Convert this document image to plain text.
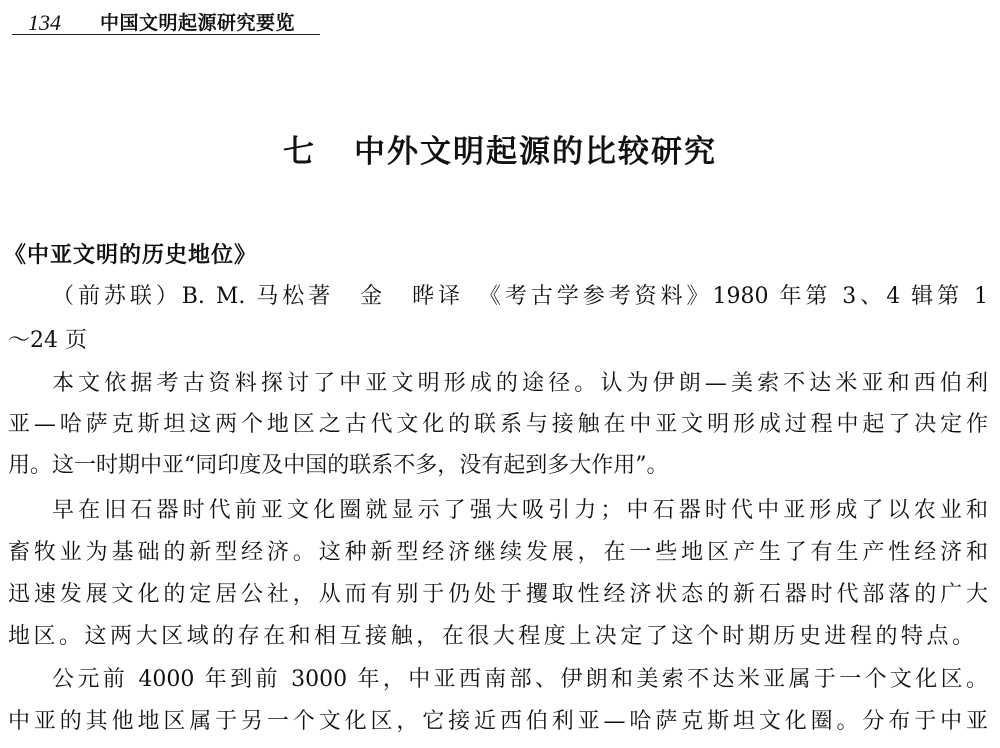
134 中国文明起源研究要览
七 中外文明起源的比较研究
《中亚文明的历史地位》
（前苏联）B. M. 马松著　金　晔译　《考古学参考资料》1980 年第 3、4 辑第 1
～24 页
本文依据考古资料探讨了中亚文明形成的途径。认为伊朗—美索不达米亚和西伯利
亚—哈萨克斯坦这两个地区之古代文化的联系与接触在中亚文明形成过程中起了决定作
用。这一时期中亚“同印度及中国的联系不多，没有起到多大作用”。
早在旧石器时代前亚文化圈就显示了强大吸引力；中石器时代中亚形成了以农业和
畜牧业为基础的新型经济。这种新型经济继续发展，在一些地区产生了有生产性经济和
迅速发展文化的定居公社，从而有别于仍处于攫取性经济状态的新石器时代部落的广大
地区。这两大区域的存在和相互接触，在很大程度上决定了这个时期历史进程的特点。
公元前 4000 年到前 3000 年，中亚西南部、伊朗和美索不达米亚属于一个文化区。
中亚的其他地区属于另一个文化区，它接近西伯利亚—哈萨克斯坦文化圈。分布于中亚
